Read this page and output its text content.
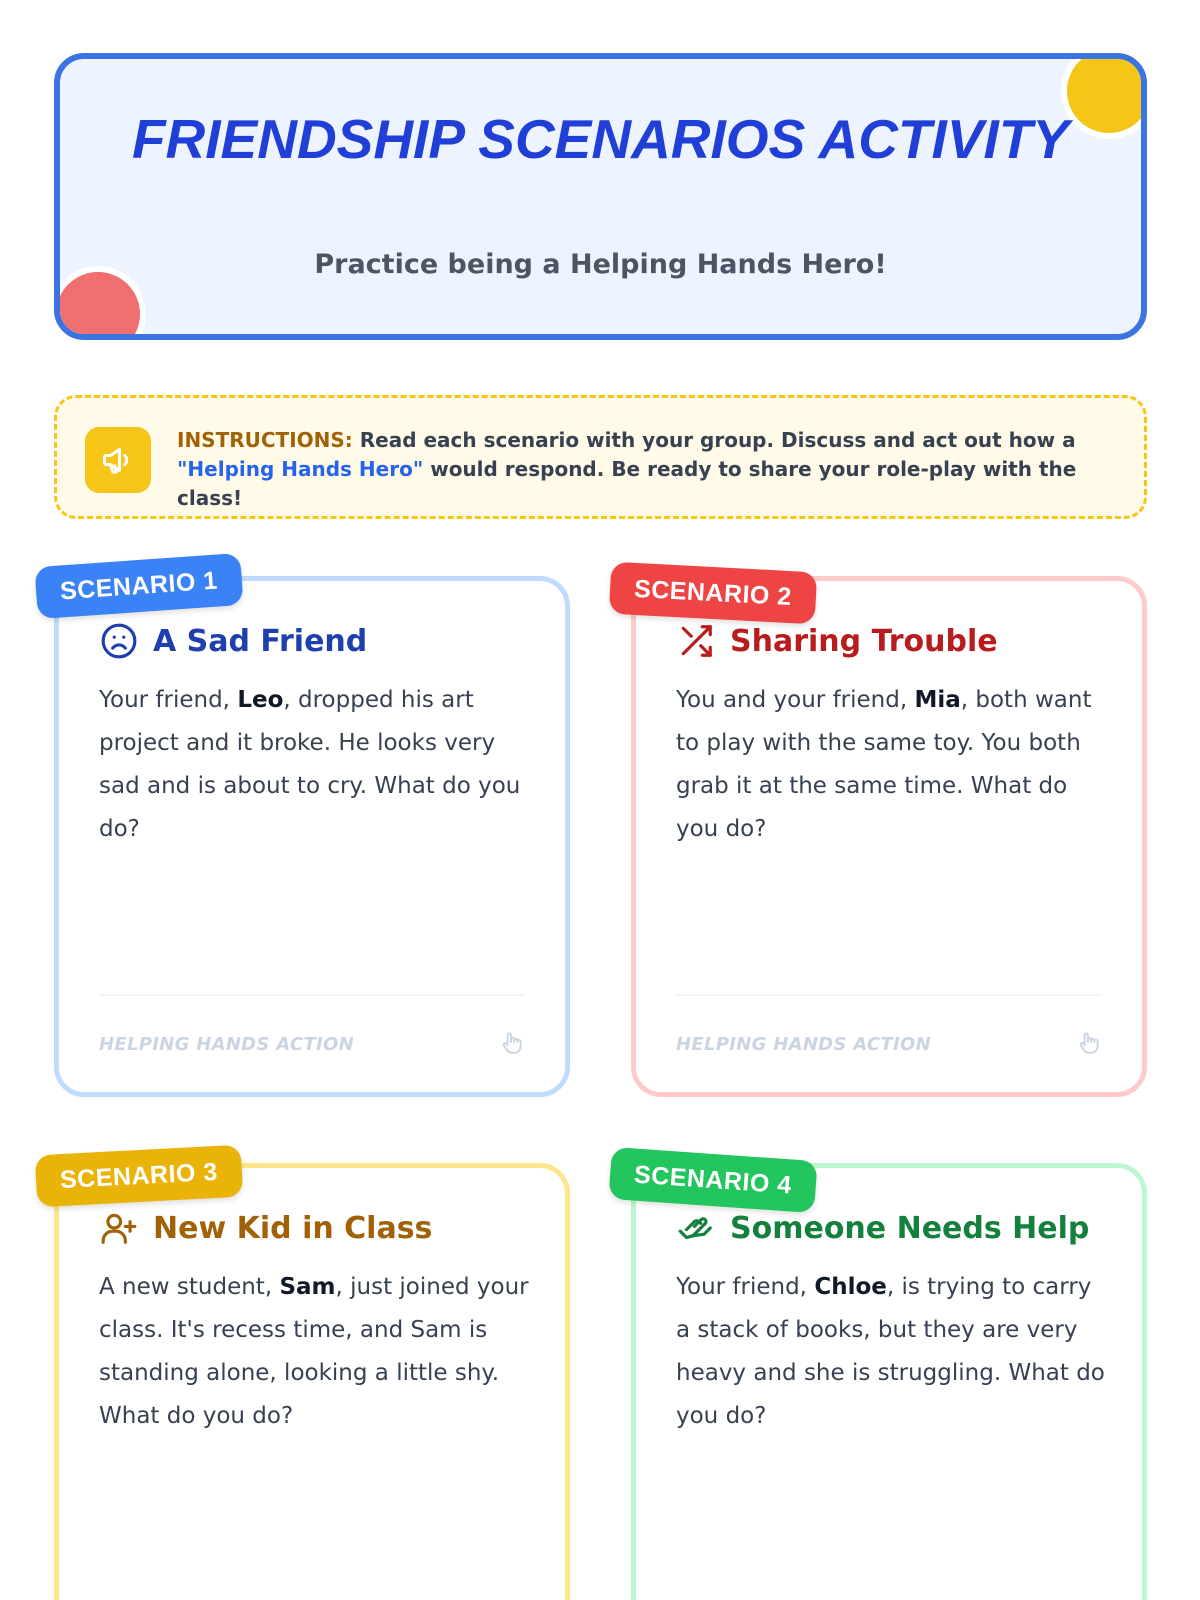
FRIENDSHIP SCENARIOS ACTIVITY
Practice being a Helping Hands Hero!
INSTRUCTIONS: Read each scenario with your group. Discuss and act out how a "Helping Hands Hero" would respond. Be ready to share your role-play with the class!
A Sad Friend
Your friend, Leo, dropped his art project and it broke. He looks very sad and is about to cry. What do you do?
HELPING HANDS ACTION
SCENARIO 1
Sharing Trouble
You and your friend, Mia, both want to play with the same toy. You both grab it at the same time. What do you do?
HELPING HANDS ACTION
SCENARIO 2
New Kid in Class
A new student, Sam, just joined your class. It's recess time, and Sam is standing alone, looking a little shy. What do you do?
SCENARIO 3
Someone Needs Help
Your friend, Chloe, is trying to carry a stack of books, but they are very heavy and she is struggling. What do you do?
SCENARIO 4
